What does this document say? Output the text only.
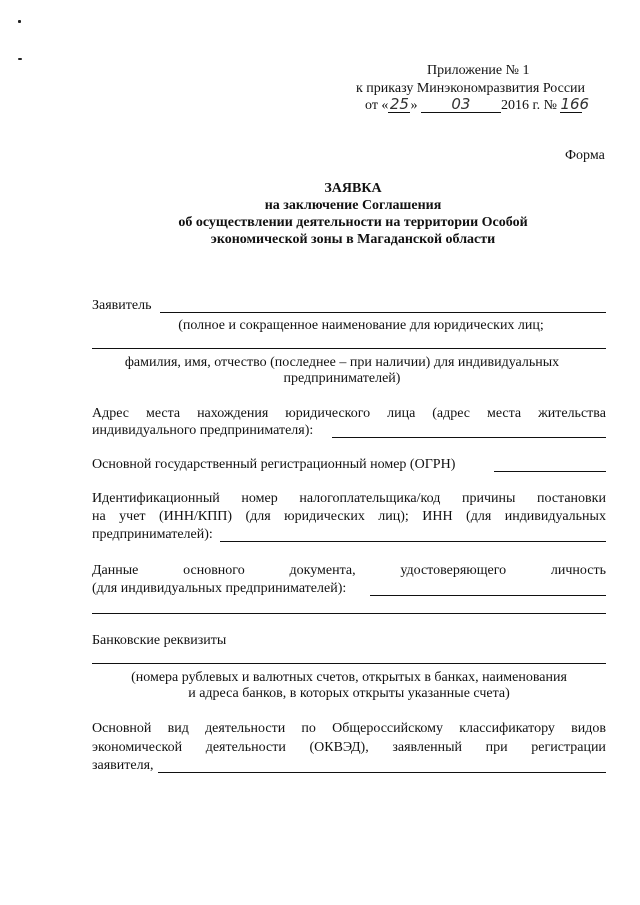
Приложение № 1
к приказу Минэкономразвития России
от «25» 03 2016 г. № 166
Форма
ЗАЯВКА
на заключение Соглашения
об осуществлении деятельности на территории Особой
экономической зоны в Магаданской области
Заявитель
(полное и сокращенное наименование для юридических лиц;
фамилия, имя, отчество (последнее – при наличии) для индивидуальных
предпринимателей)
Адрес места нахождения юридического лица (адрес места жительства
индивидуального предпринимателя):
Основной государственный регистрационный номер (ОГРН)
Идентификационный номер налогоплательщика/код причины постановки
на учет (ИНН/КПП) (для юридических лиц); ИНН (для индивидуальных
предпринимателей):
Данные	основного	документа,	удостоверяющего	личность
(для индивидуальных предпринимателей):
Банковские реквизиты
(номера рублевых и валютных счетов, открытых в банках, наименования
и адреса банков, в которых открыты указанные счета)
Основной вид деятельности по Общероссийскому классификатору видов
экономической деятельности (ОКВЭД), заявленный при регистрации
заявителя,
